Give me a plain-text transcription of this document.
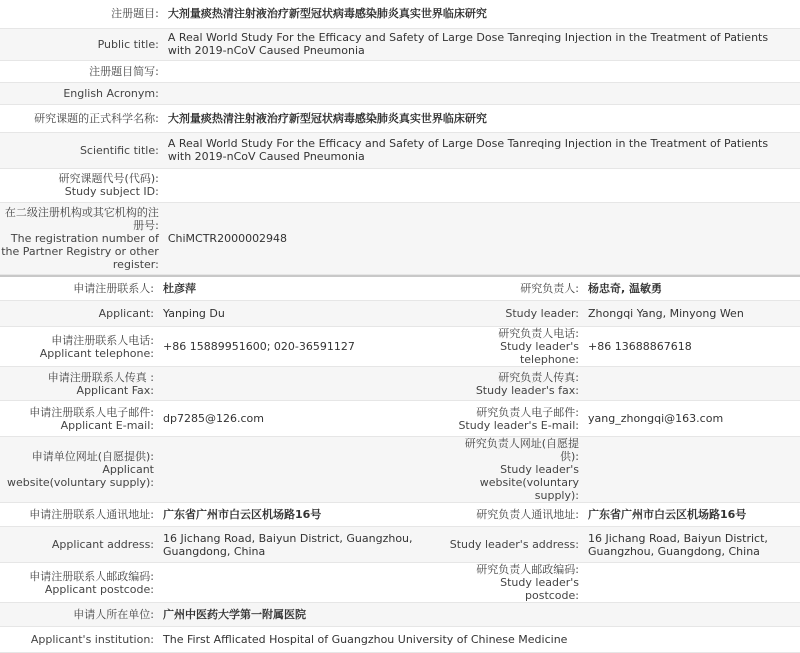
注册题目:	大剂量痰热清注射液治疗新型冠状病毒感染肺炎真实世界临床研究
Public title:	A Real World Study For the Efficacy and Safety of Large Dose Tanreqing Injection in the Treatment of Patients with 2019-nCoV Caused Pneumonia
注册题目简写:	
English Acronym:	
研究课题的正式科学名称:	大剂量痰热清注射液治疗新型冠状病毒感染肺炎真实世界临床研究
Scientific title:	A Real World Study For the Efficacy and Safety of Large Dose Tanreqing Injection in the Treatment of Patients with 2019-nCoV Caused Pneumonia

研究课题代号(代码):
Study subject ID:	

在二级注册机构或其它机构的注册号:
The registration number of the Partner Registry or other register:	ChiMCTR2000002948
申请注册联系人:	杜彦萍	研究负责人:	杨忠奇, 温敏勇
Applicant:	Yanping Du	Study leader:	Zhongqi Yang, Minyong Wen

申请注册联系人电话:
Applicant telephone:	+86 15889951600; 020-36591127	研究负责人电话:
Study leader's telephone:	+86 13688867618

申请注册联系人传真 :
Applicant Fax:		研究负责人传真:
Study leader's fax:	

申请注册联系人电子邮件:
Applicant E-mail:	dp7285@126.com	研究负责人电子邮件:
Study leader's E-mail:	yang_zhongqi@163.com

申请单位网址(自愿提供):
Applicant website(voluntary supply):		研究负责人网址(自愿提供):
Study leader's website(voluntary supply):	

申请注册联系人通讯地址:	广东省广州市白云区机场路16号	研究负责人通讯地址:	广东省广州市白云区机场路16号
Applicant address:	16 Jichang Road, Baiyun District, Guangzhou, Guangdong, China	Study leader's address:	16 Jichang Road, Baiyun District, Guangzhou, Guangdong, China

申请注册联系人邮政编码:
Applicant postcode:		研究负责人邮政编码:
Study leader's postcode:	

申请人所在单位:	广州中医药大学第一附属医院		
Applicant's institution:	The First Afflicated Hospital of Guangzhou University of Chinese Medicine		
